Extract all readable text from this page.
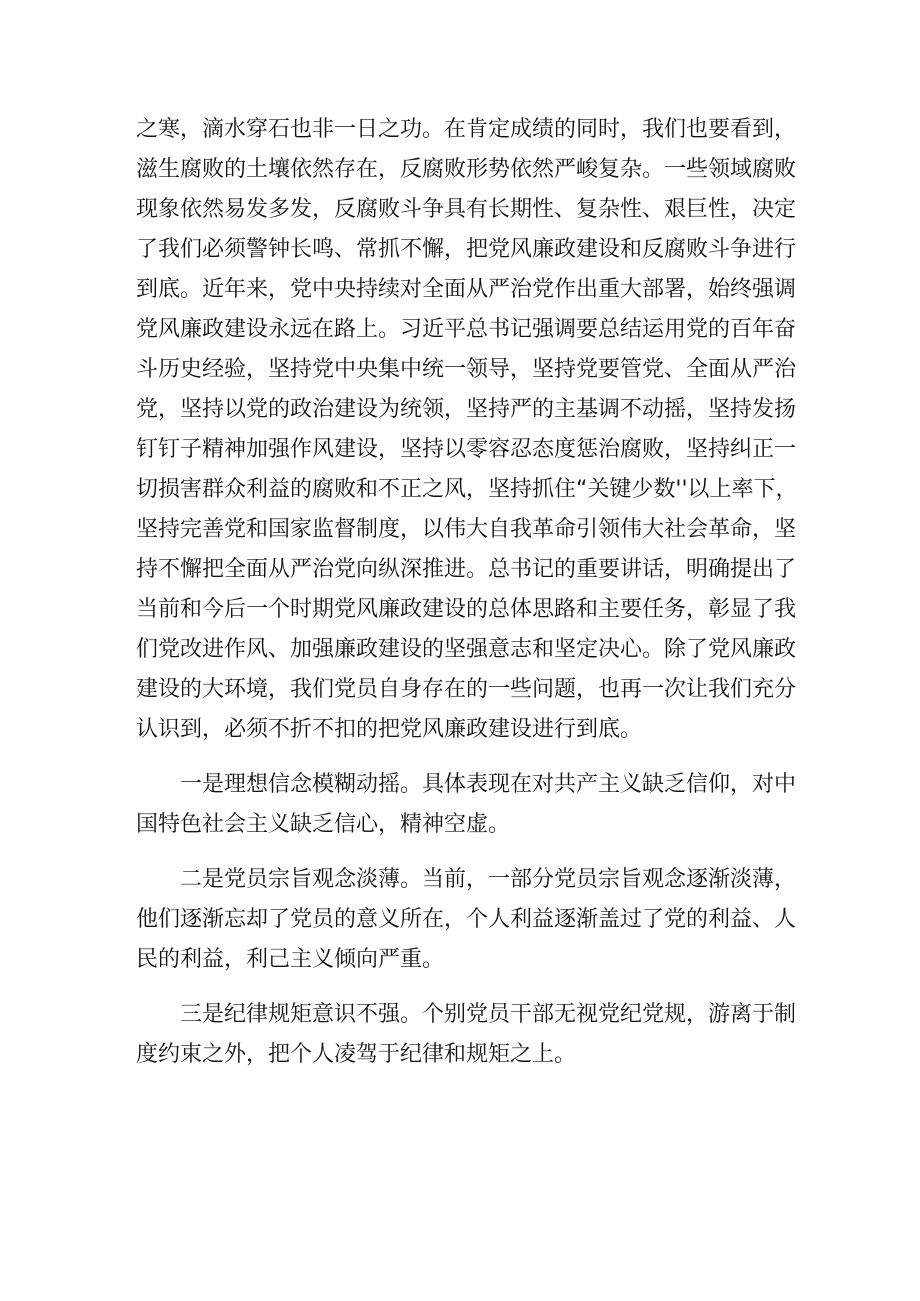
之寒，滴水穿石也非一日之功。在肯定成绩的同时，我们也要看到，
滋生腐败的土壤依然存在，反腐败形势依然严峻复杂。一些领域腐败
现象依然易发多发，反腐败斗争具有长期性、复杂性、艰巨性，决定
了我们必须警钟长鸣、常抓不懈，把党风廉政建设和反腐败斗争进行
到底。近年来，党中央持续对全面从严治党作出重大部署，始终强调
党风廉政建设永远在路上。习近平总书记强调要总结运用党的百年奋
斗历史经验，坚持党中央集中统一领导，坚持党要管党、全面从严治
党，坚持以党的政治建设为统领，坚持严的主基调不动摇，坚持发扬
钉钉子精神加强作风建设，坚持以零容忍态度惩治腐败，坚持纠正一
切损害群众利益的腐败和不正之风，坚持抓住“关键少数''以上率下，
坚持完善党和国家监督制度，以伟大自我革命引领伟大社会革命，坚
持不懈把全面从严治党向纵深推进。总书记的重要讲话，明确提出了
当前和今后一个时期党风廉政建设的总体思路和主要任务，彰显了我
们党改进作风、加强廉政建设的坚强意志和坚定决心。除了党风廉政
建设的大环境，我们党员自身存在的一些问题，也再一次让我们充分
认识到，必须不折不扣的把党风廉政建设进行到底。

一是理想信念模糊动摇。具体表现在对共产主义缺乏信仰，对中
国特色社会主义缺乏信心，精神空虚。

二是党员宗旨观念淡薄。当前，一部分党员宗旨观念逐渐淡薄，
他们逐渐忘却了党员的意义所在，个人利益逐渐盖过了党的利益、人
民的利益，利己主义倾向严重。

三是纪律规矩意识不强。个别党员干部无视党纪党规，游离于制
度约束之外，把个人凌驾于纪律和规矩之上。
